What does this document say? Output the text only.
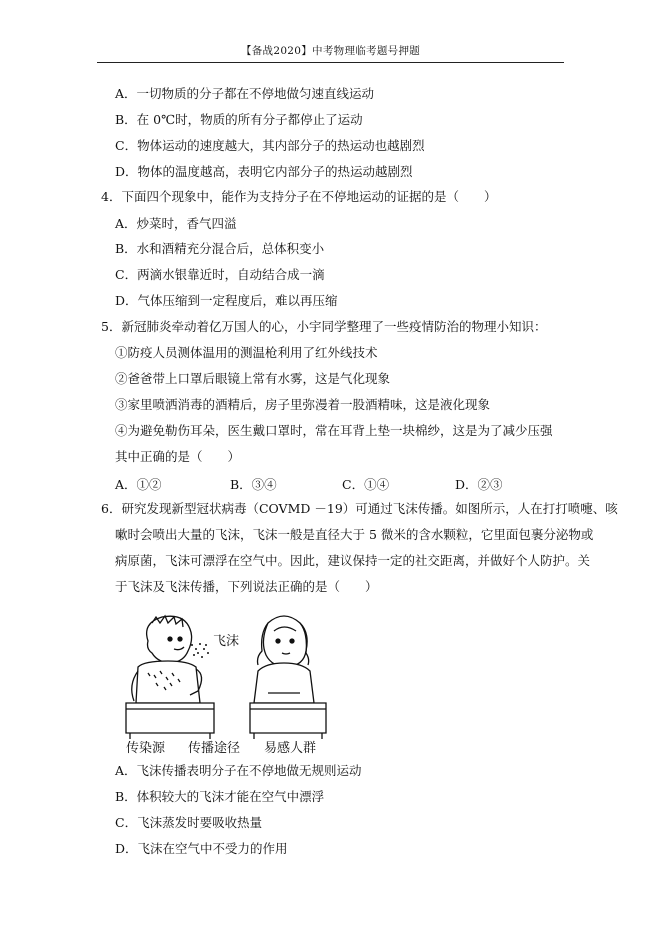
【备战2020】中考物理临考题号押题
A．一切物质的分子都在不停地做匀速直线运动
B．在 0℃时，物质的所有分子都停止了运动
C．物体运动的速度越大，其内部分子的热运动也越剧烈
D．物体的温度越高，表明它内部分子的热运动越剧烈
4．下面四个现象中，能作为支持分子在不停地运动的证据的是（　　）
A．炒菜时，香气四溢
B．水和酒精充分混合后，总体积变小
C．两滴水银靠近时，自动结合成一滴
D．气体压缩到一定程度后，难以再压缩
5．新冠肺炎牵动着亿万国人的心，小宇同学整理了一些疫情防治的物理小知识：
①防疫人员测体温用的测温枪利用了红外线技术
②爸爸带上口罩后眼镜上常有水雾，这是气化现象
③家里喷洒消毒的酒精后，房子里弥漫着一股酒精味，这是液化现象
④为避免勒伤耳朵，医生戴口罩时，常在耳背上垫一块棉纱，这是为了减少压强
其中正确的是（　　）
A．①②	B．③④	C．①④	D．②③
6．研究发现新型冠状病毒（COVMD －19）可通过飞沫传播。如图所示，人在打打喷嚏、咳
嗽时会喷出大量的飞沫，飞沫一般是直径大于 5 微米的含水颗粒，它里面包裹分泌物或
病原菌，飞沫可漂浮在空气中。因此，建议保持一定的社交距离，并做好个人防护。关
于飞沫及飞沫传播，下列说法正确的是（　　）
飞沫
传染源 传播途径 易感人群
A．飞沫传播表明分子在不停地做无规则运动
B．体积较大的飞沫才能在空气中漂浮
C．飞沫蒸发时要吸收热量
D．飞沫在空气中不受力的作用
